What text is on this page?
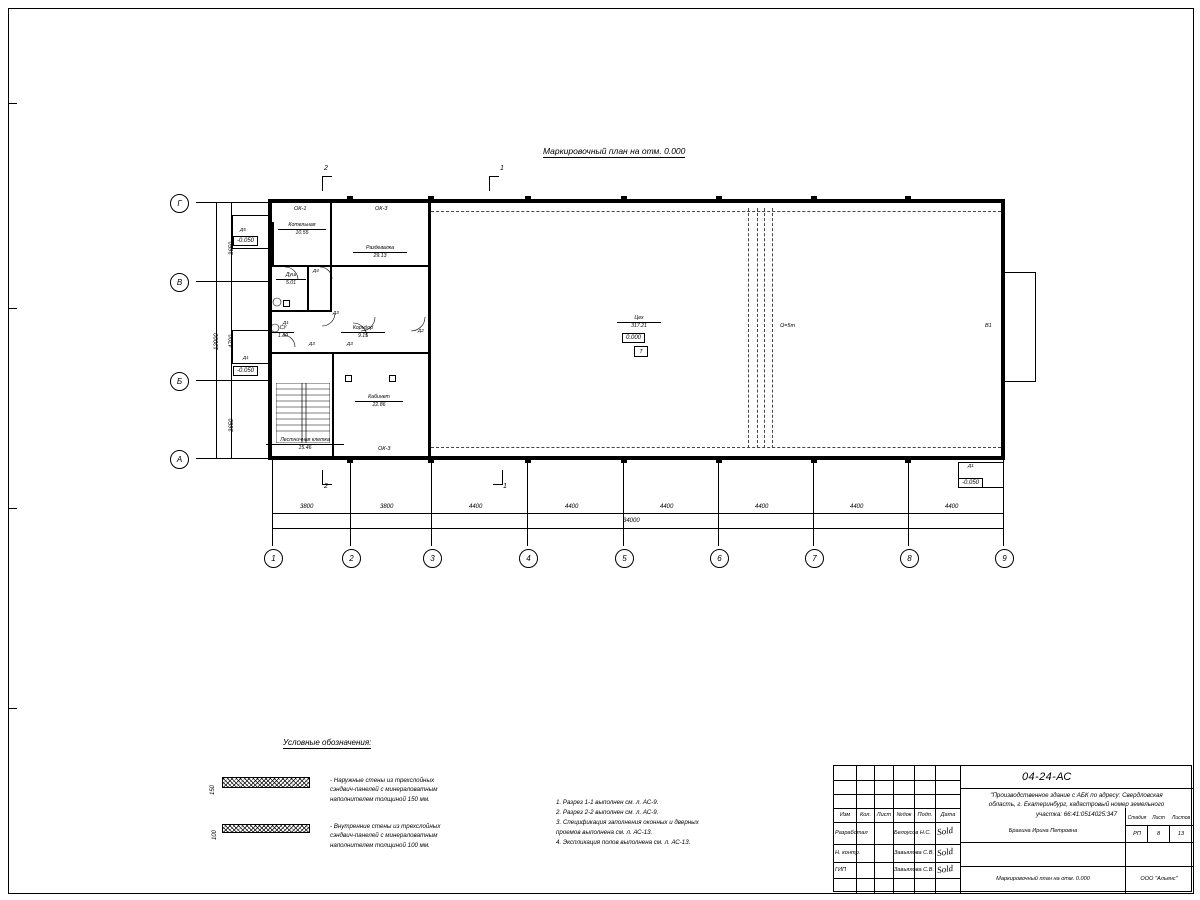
Маркировочный план на отм. 0.000
Котельная
10.55
Душ
5.01
Раздевалка
29.13
Коридор
9.15
СУ
1.80
Кабинет
22.86
Лестничная клетка
15.46
Цех
317.21
-0.050
-0.050
0.000
-0.050
Т
ОК-1	ОК-3
ОК-3
Д5
Д4
Д3
Д3	Д3
Д2
Д1
Д1
Д1
В1
Ω=5m
2	1
2	1
Г
В
Б
А
3650
4700
3650
12000
3800	3800	4400	4400	4400	4400	4400	4400
34000
1	2	3	4	5	6	7	8	9
Условные обозначения:
150
- Наружные стены из трехслойных
сэндвич-панелей с минераловатным
наполнителем толщиной 150 мм.
100
- Внутренние стены из трехслойных
сэндвич-панелей с минераловатным
наполнителем толщиной 100 мм.
1. Разрез 1-1 выполнен см. л. АС-9.
2. Разрез 2-2 выполнен см. л. АС-9.
3. Спецификация заполнения оконных и дверных
проемов выполнена см. л. АС-13.
4. Экспликация полов выполнена см. л. АС-13.
04-24-АС
"Производственное здание с АБК по адресу: Свердловская
область, г. Екатеринбург, кадастровый номер земельного
участка: 66:41:0514025:347
Изм	Кол.	Лист №док	Подп.	Дата
Разработал	Белоусов Н.С. Sold
Н. контр.	Завьялова С.В. Sold
ГИП	Завьялова С.В. Sold
Брагина Ирина Петровна
Маркировочный план на отм. 0.000	ООО "Альянс"
Стадия	Лист	Листов
РП	8	13
